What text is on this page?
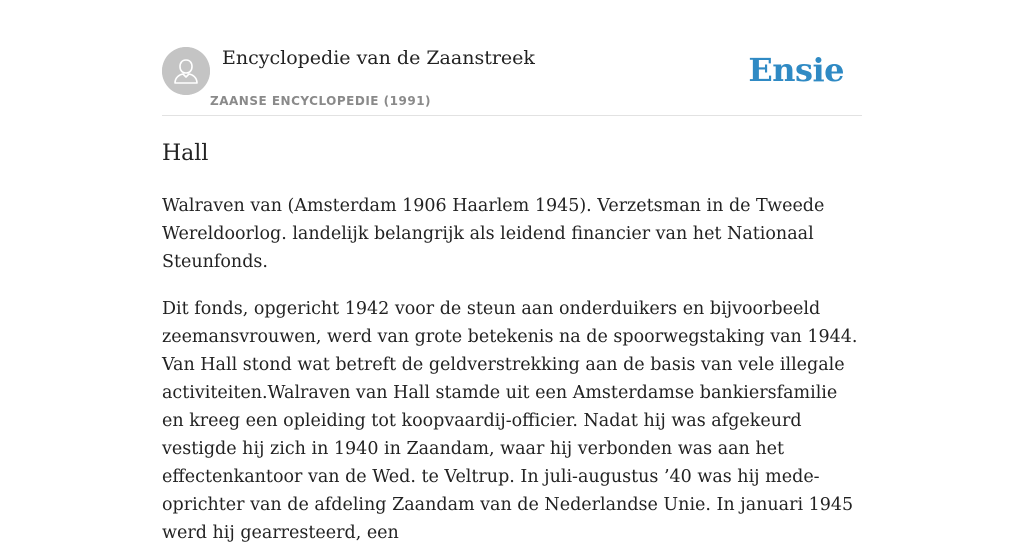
Encyclopedie van de Zaanstreek
ZAANSE ENCYCLOPEDIE (1991)
Ensie
Hall

Walraven van (Amsterdam 1906 Haarlem 1945). Verzetsman in de Tweede Wereldoorlog. landelijk belangrijk als leidend financier van het Nationaal Steunfonds.

Dit fonds, opgericht 1942 voor de steun aan onderduikers en bijvoorbeeld zeemansvrouwen, werd van grote betekenis na de spoorwegstaking van 1944. Van Hall stond wat betreft de geldverstrekking aan de basis van vele illegale activiteiten.Walraven van Hall stamde uit een Amsterdamse bankiersfamilie en kreeg een opleiding tot koopvaardij-officier. Nadat hij was afgekeurd vestigde hij zich in 1940 in Zaandam, waar hij verbonden was aan het effectenkantoor van de Wed. te Veltrup. In juli-augustus ’40 was hij mede-oprichter van de afdeling Zaandam van de Nederlandse Unie. In januari 1945 werd hij gearresteerd, een
